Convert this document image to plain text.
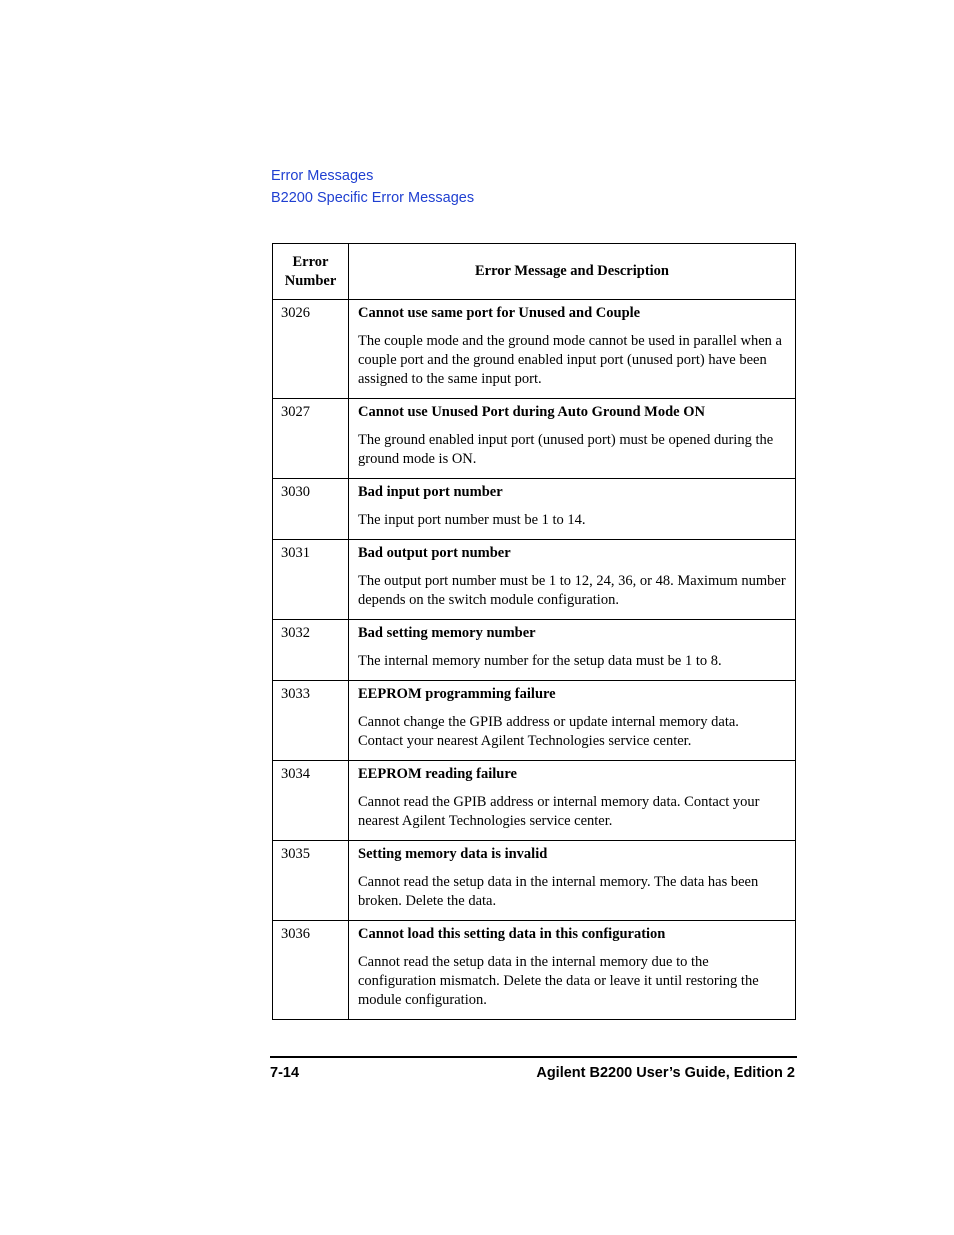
Error Messages
B2200 Specific Error Messages
Error Number	Error Message and Description
3026	Cannot use same port for Unused and Couple

The couple mode and the ground mode cannot be used in parallel when a couple port and the ground enabled input port (unused port) have been assigned to the same input port.

3027	Cannot use Unused Port during Auto Ground Mode ON

The ground enabled input port (unused port) must be opened during the ground mode is ON.

3030	Bad input port number

The input port number must be 1 to 14.

3031	Bad output port number

The output port number must be 1 to 12, 24, 36, or 48. Maximum number depends on the switch module configuration.

3032	Bad setting memory number

The internal memory number for the setup data must be 1 to 8.

3033	EEPROM programming failure

Cannot change the GPIB address or update internal memory data. Contact your nearest Agilent Technologies service center.

3034	EEPROM reading failure

Cannot read the GPIB address or internal memory data. Contact your nearest Agilent Technologies service center.

3035	Setting memory data is invalid

Cannot read the setup data in the internal memory. The data has been broken. Delete the data.

3036	Cannot load this setting data in this configuration

Cannot read the setup data in the internal memory due to the configuration mismatch. Delete the data or leave it until restoring the module configuration.

7-14	Agilent B2200 User’s Guide, Edition 2
